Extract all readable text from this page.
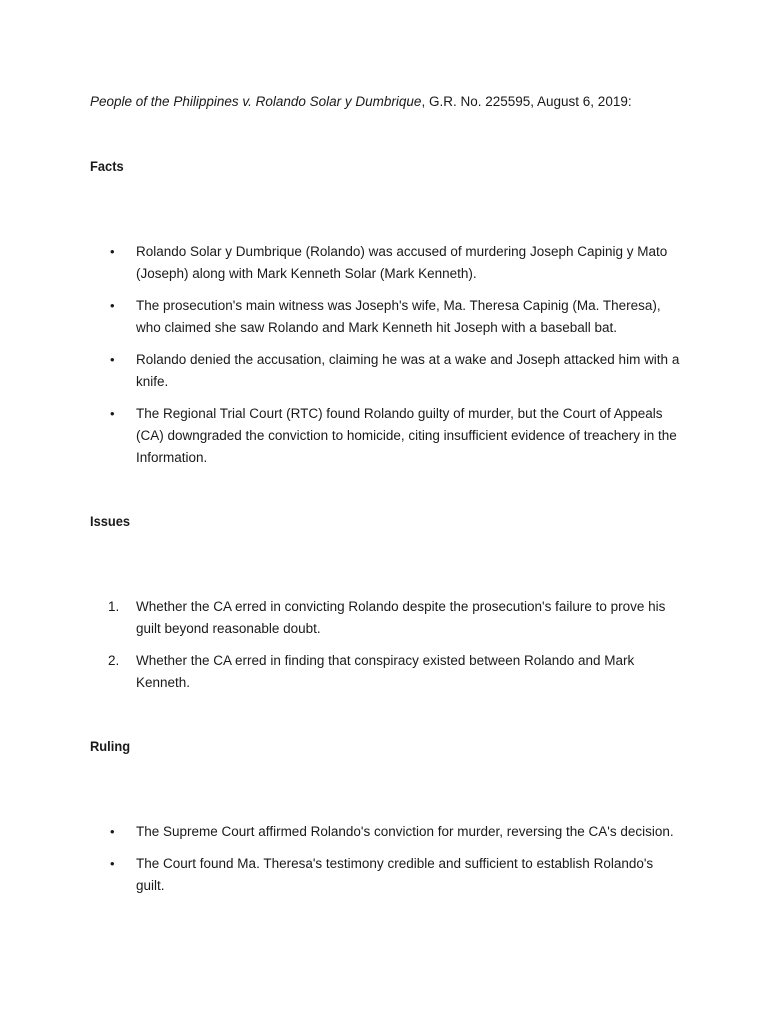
People of the Philippines v. Rolando Solar y Dumbrique, G.R. No. 225595, August 6, 2019:
Facts
•	Rolando Solar y Dumbrique (Rolando) was accused of murdering Joseph Capinig y Mato (Joseph) along with Mark Kenneth Solar (Mark Kenneth).
•	The prosecution's main witness was Joseph's wife, Ma. Theresa Capinig (Ma. Theresa), who claimed she saw Rolando and Mark Kenneth hit Joseph with a baseball bat.
•	Rolando denied the accusation, claiming he was at a wake and Joseph attacked him with a knife.
•	The Regional Trial Court (RTC) found Rolando guilty of murder, but the Court of Appeals (CA) downgraded the conviction to homicide, citing insufficient evidence of treachery in the Information.
Issues
1.	Whether the CA erred in convicting Rolando despite the prosecution's failure to prove his guilt beyond reasonable doubt.
2.	Whether the CA erred in finding that conspiracy existed between Rolando and Mark Kenneth.
Ruling
•	The Supreme Court affirmed Rolando's conviction for murder, reversing the CA's decision.
•	The Court found Ma. Theresa's testimony credible and sufficient to establish Rolando's guilt.
